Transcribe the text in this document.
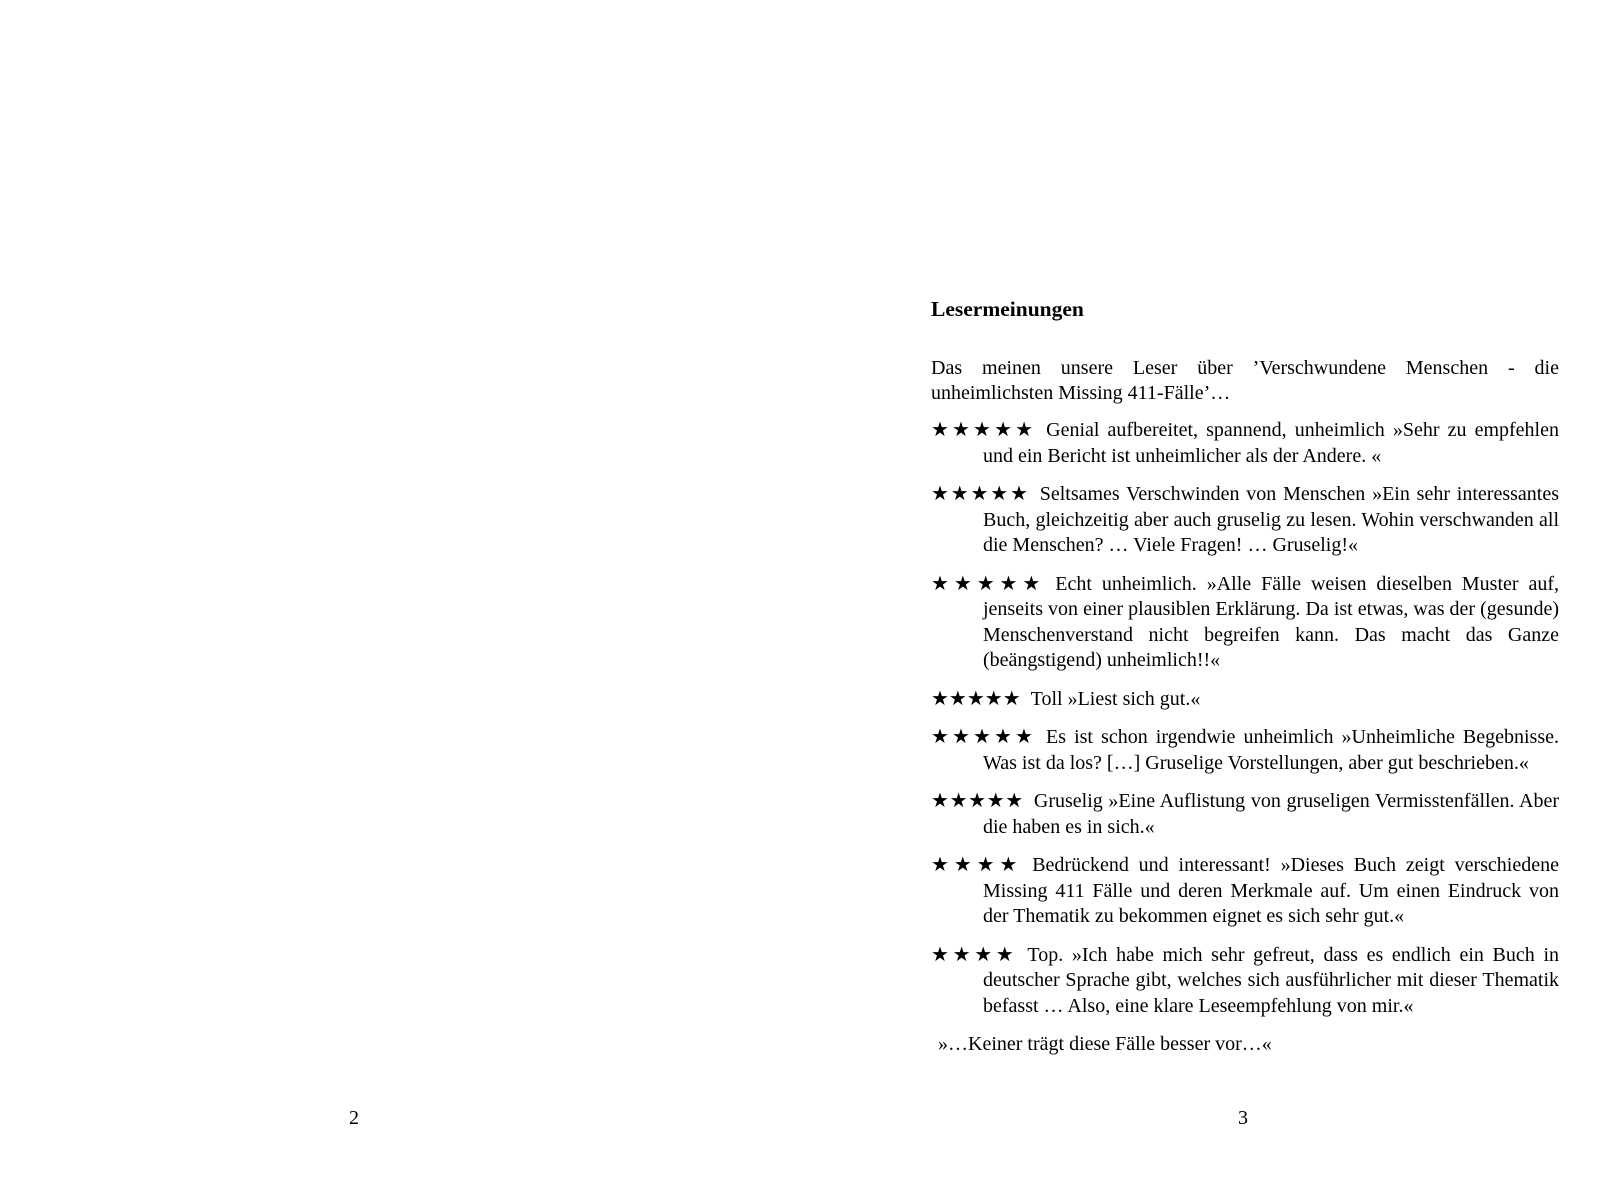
2
Lesermeinungen

Das meinen unsere Leser über ’Verschwundene Menschen - die unheimlichsten Missing 411-Fälle’…

★★★★★ Genial aufbereitet, spannend, unheimlich »Sehr zu empfehlen und ein Bericht ist unheimlicher als der Andere. «

★★★★★ Seltsames Verschwinden von Menschen »Ein sehr interessantes Buch, gleichzeitig aber auch gruselig zu lesen. Wohin verschwanden all die Menschen? … Viele Fragen! … Gruselig!«

★★★★★ Echt unheimlich. »Alle Fälle weisen dieselben Muster auf, jenseits von einer plausiblen Erklärung. Da ist etwas, was der (gesunde) Menschenverstand nicht begreifen kann. Das macht das Ganze (beängstigend) unheimlich!!«

★★★★★ Toll »Liest sich gut.«

★★★★★ Es ist schon irgendwie unheimlich »Unheimliche Begebnisse. Was ist da los? […] Gruselige Vorstellungen, aber gut beschrieben.«

★★★★★ Gruselig »Eine Auflistung von gruseligen Vermisstenfällen. Aber die haben es in sich.«

★★★★ Bedrückend und interessant! »Dieses Buch zeigt verschiedene Missing 411 Fälle und deren Merkmale auf. Um einen Eindruck von der Thematik zu bekommen eignet es sich sehr gut.«

★★★★ Top. »Ich habe mich sehr gefreut, dass es endlich ein Buch in deutscher Sprache gibt, welches sich ausführlicher mit dieser Thematik befasst … Also, eine klare Leseempfehlung von mir.«

»…Keiner trägt diese Fälle besser vor…«

3
